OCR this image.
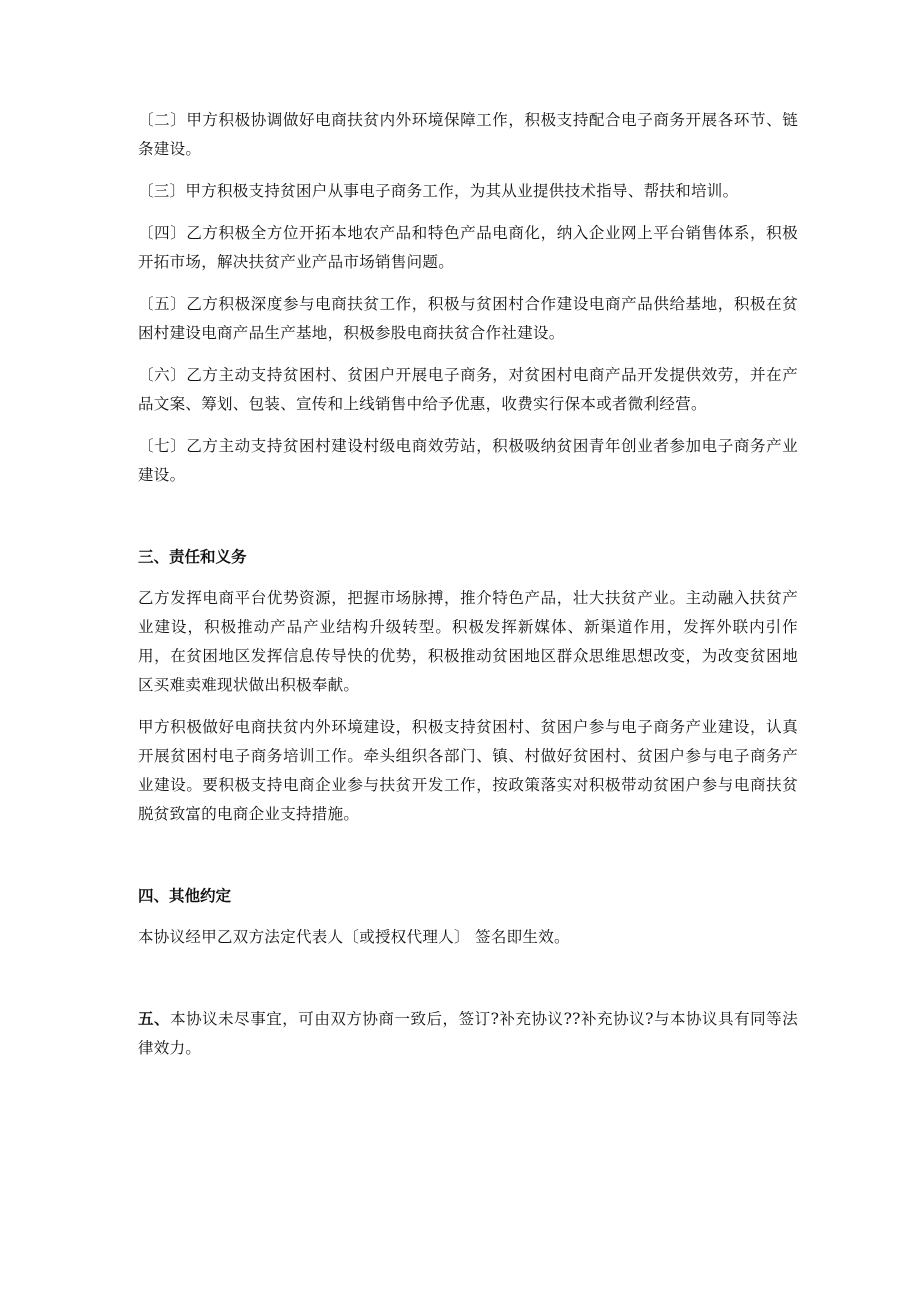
〔二〕甲方积极协调做好电商扶贫内外环境保障工作，积极支持配合电子商务开展各环节、链条建设。

〔三〕甲方积极支持贫困户从事电子商务工作，为其从业提供技术指导、帮扶和培训。

〔四〕乙方积极全方位开拓本地农产品和特色产品电商化，纳入企业网上平台销售体系，积极开拓市场，解决扶贫产业产品市场销售问题。

〔五〕乙方积极深度参与电商扶贫工作，积极与贫困村合作建设电商产品供给基地，积极在贫困村建设电商产品生产基地，积极参股电商扶贫合作社建设。

〔六〕乙方主动支持贫困村、贫困户开展电子商务，对贫困村电商产品开发提供效劳，并在产品文案、筹划、包装、宣传和上线销售中给予优惠，收费实行保本或者微利经营。

〔七〕乙方主动支持贫困村建设村级电商效劳站，积极吸纳贫困青年创业者参加电子商务产业建设。

三、责任和义务

乙方发挥电商平台优势资源，把握市场脉搏，推介特色产品，壮大扶贫产业。主动融入扶贫产业建设，积极推动产品产业结构升级转型。积极发挥新媒体、新渠道作用，发挥外联内引作用，在贫困地区发挥信息传导快的优势，积极推动贫困地区群众思维思想改变，为改变贫困地区买难卖难现状做出积极奉献。

甲方积极做好电商扶贫内外环境建设，积极支持贫困村、贫困户参与电子商务产业建设，认真开展贫困村电子商务培训工作。牵头组织各部门、镇、村做好贫困村、贫困户参与电子商务产业建设。要积极支持电商企业参与扶贫开发工作，按政策落实对积极带动贫困户参与电商扶贫脱贫致富的电商企业支持措施。

四、其他约定

本协议经甲乙双方法定代表人〔或授权代理人〕 签名即生效。

五、本协议未尽事宜，可由双方协商一致后，签订?补充协议??补充协议?与本协议具有同等法律效力。
